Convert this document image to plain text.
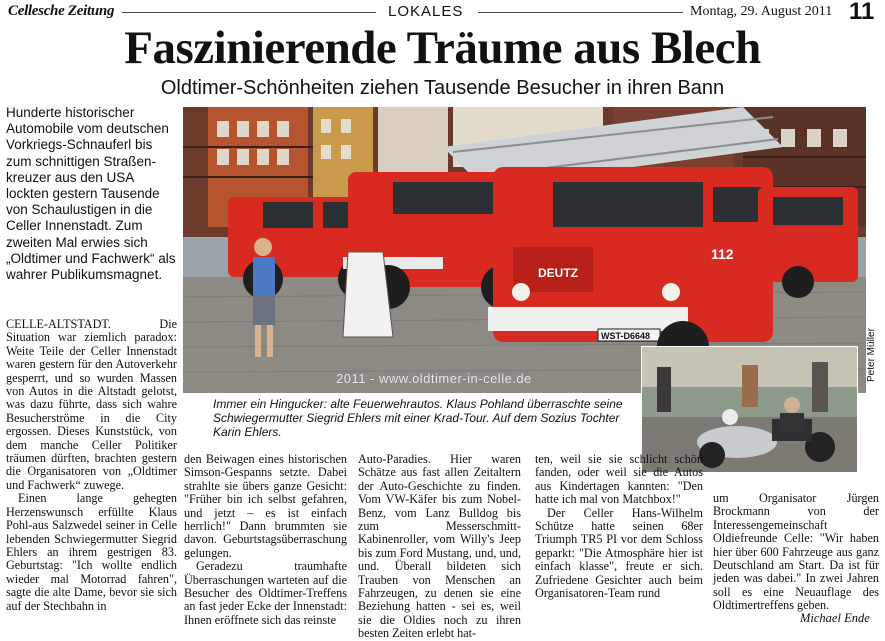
Cellesche Zeitung	LOKALES	Montag, 29. August 2011 11
Faszinierende Träume aus Blech
Oldtimer-Schönheiten ziehen Tausende Besucher in ihren Bann
Hunderte historischer Automobile vom deutschen Vorkriegs-Schnauferl bis zum schnittigen Straßen-kreuzer aus den USA lockten gestern Tausende von Schaulustigen in die Celler Innenstadt. Zum zweiten Mal erwies sich „Oldtimer und Fachwerk“ als wahrer Publikumsmagnet.	DEUTZ
112
WST-D6648
2011 - www.oldtimer-in-celle.de	Peter Müller
Immer ein Hingucker: alte Feuerwehrautos. Klaus Pohland überraschte seine Schwiegermutter Siegrid Ehlers mit einer Krad-Tour. Auf dem Sozius Tochter Karin Ehlers.

CELLE-ALTSTADT. Die Situation war ziemlich paradox: Weite Teile der Celler Innenstadt waren gestern für den Autoverkehr gesperrt, und so wurden Massen von Autos in die Altstadt gelotst, was dazu führte, dass sich wahre Besucherströme in die City ergossen. Dieses Kunststück, von dem manche Celler Politiker träumen dürften, brachten gestern die Organisatoren von „Oldtimer und Fachwerk“ zuwege.

Einen lange gehegten Herzenswunsch erfüllte Klaus Pohl-aus Salzwedel seiner in Celle lebenden Schwiegermutter Siegrid Ehlers an ihrem gestrigen 83. Geburtstag: "Ich wollte endlich wieder mal Motorrad fahren", sagte die alte Dame, bevor sie sich auf der Stechbahn in

den Beiwagen eines historischen Simson-Gespanns setzte. Dabei strahlte sie übers ganze Gesicht: "Früher bin ich selbst gefahren, und jetzt – es ist einfach herrlich!" Dann brummten sie davon. Geburtstagsüberraschung gelungen.

Geradezu traumhafte Überraschungen warteten auf die Besucher des Oldtimer-Treffens an fast jeder Ecke der Innenstadt: Ihnen eröffnete sich das reinste

Auto-Paradies. Hier waren Schätze aus fast allen Zeitaltern der Auto-Geschichte zu finden. Vom VW-Käfer bis zum Nobel-Benz, vom Lanz Bulldog bis zum Messerschmitt-Kabinenroller, vom Willy's Jeep bis zum Ford Mustang, und, und, und. Überall bildeten sich Trauben von Menschen an Fahrzeugen, zu denen sie eine Beziehung hatten - sei es, weil sie die Oldies noch zu ihren besten Zeiten erlebt hat-

ten, weil sie sie schlicht schön fanden, oder weil sie die Autos aus Kindertagen kannten: "Den hatte ich mal von Matchbox!"

Der Celler Hans-Wilhelm Schütze hatte seinen 68er Triumph TR5 PI vor dem Schloss geparkt: "Die Atmosphäre hier ist einfach klasse", freute er sich. Zufriedene Gesichter auch beim Organisatoren-Team rund

um Organisator Jürgen Brockmann von der Interessengemeinschaft Oldiefreunde Celle: "Wir haben hier über 600 Fahrzeuge aus ganz Deutschland am Start. Da ist für jeden was dabei." In zwei Jahren soll es eine Neuauflage des Oldtimertreffens geben.

Michael Ende
